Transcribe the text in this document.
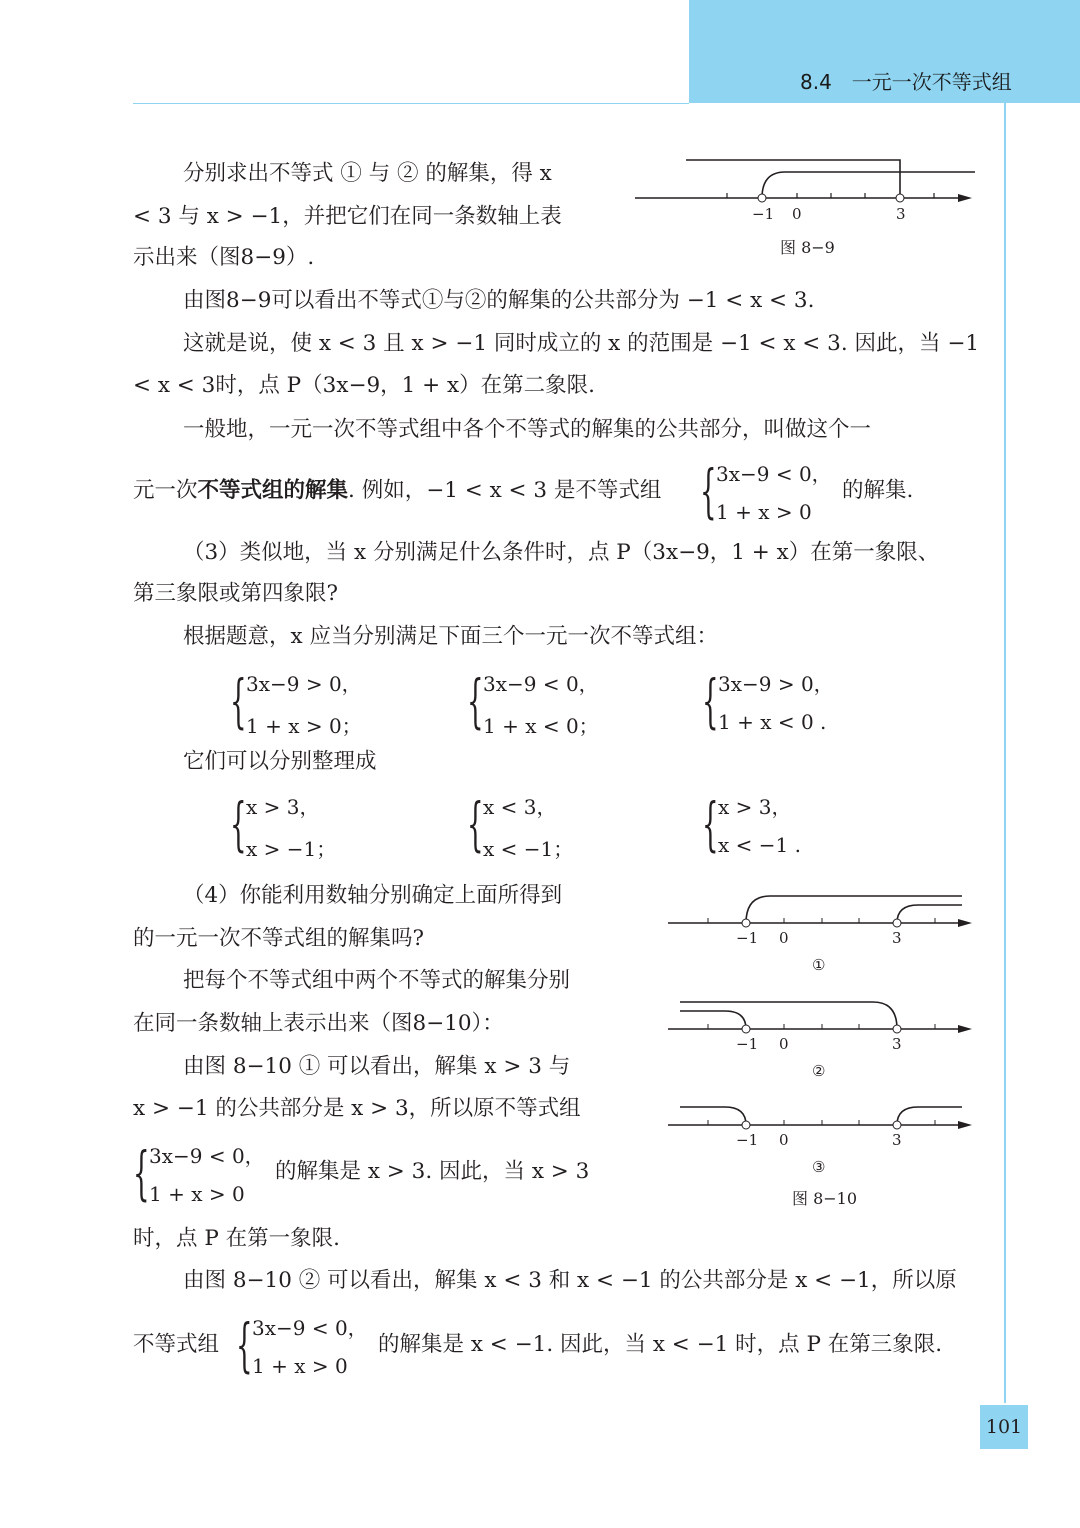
8.4　一元一次不等式组
101
分别求出不等式 ① 与 ② 的解集，得 x
< 3 与 x > −1，并把它们在同一条数轴上表
示出来（图8−9）.
由图8−9可以看出不等式①与②的解集的公共部分为 −1 < x < 3.
这就是说，使 x < 3 且 x > −1 同时成立的 x 的范围是 −1 < x < 3. 因此，当 −1
< x < 3时，点 P（3x−9，1 + x）在第二象限.
一般地，一元一次不等式组中各个不等式的解集的公共部分，叫做这个一
元一次不等式组的解集. 例如，−1 < x < 3 是不等式组 { 3x−9 < 0，
1 + x > 0
的解集.
（3）类似地，当 x 分别满足什么条件时，点 P（3x−9，1 + x）在第一象限、
第三象限或第四象限?
根据题意，x 应当分别满足下面三个一元一次不等式组：
{ 3x−9 > 0，
1 + x > 0； { 3x−9 < 0，
1 + x < 0； { 3x−9 > 0，
1 + x < 0 .
它们可以分别整理成
{ x > 3，
x > −1； { x < 3，
x < −1； { x > 3，
x < −1 .
（4）你能利用数轴分别确定上面所得到
的一元一次不等式组的解集吗?
把每个不等式组中两个不等式的解集分别
在同一条数轴上表示出来（图8−10）：
由图 8−10 ① 可以看出，解集 x > 3 与
x > −1 的公共部分是 x > 3，所以原不等式组
{ 3x−9 < 0，
1 + x > 0
的解集是 x > 3. 因此，当 x > 3
时，点 P 在第一象限.
由图 8−10 ② 可以看出，解集 x < 3 和 x < −1 的公共部分是 x < −1，所以原
不等式组 { 3x−9 < 0，
1 + x > 0
的解集是 x < −1. 因此，当 x < −1 时，点 P 在第三象限.
−1 0	3
图 8−9
−1 0	3
①
−1 0	3
②
−1 0	3
③
图 8−10
